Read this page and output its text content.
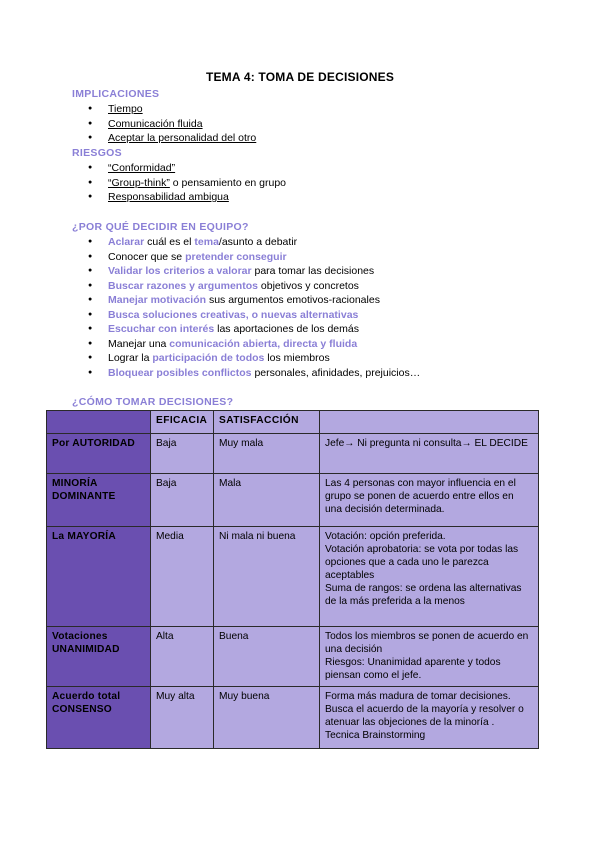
TEMA 4: TOMA DE DECISIONES
IMPLICACIONES
● Tiempo
● Comunicación fluida
● Aceptar la personalidad del otro
RIESGOS
● “Conformidad”
● “Group-think” o pensamiento en grupo
● Responsabilidad ambigua
¿POR QUÉ DECIDIR EN EQUIPO?
● Aclarar cuál es el tema/asunto a debatir
● Conocer que se pretender conseguir
● Validar los criterios a valorar para tomar las decisiones
● Buscar razones y argumentos objetivos y concretos
● Manejar motivación sus argumentos emotivos-racionales
● Busca soluciones creativas, o nuevas alternativas
● Escuchar con interés las aportaciones de los demás
● Manejar una comunicación abierta, directa y fluida
● Lograr la participación de todos los miembros
● Bloquear posibles conflictos personales, afinidades, prejuicios…
¿CÓMO TOMAR DECISIONES?
	EFICACIA	SATISFACCIÓN	

Por AUTORIDAD	Baja	Muy mala	Jefe→ Ni pregunta ni consulta→ EL DECIDE

MINORÍA
DOMINANTE	Baja	Mala	Las 4 personas con mayor influencia en el grupo se ponen de acuerdo entre ellos en una decisión determinada.

La MAYORÍA	Media	Ni mala ni buena	Votación: opción preferida.
Votación aprobatoria: se vota por todas las opciones que a cada uno le parezca aceptables
Suma de rangos: se ordena las alternativas de la más preferida a la menos

Votaciones
UNANIMIDAD	Alta	Buena	Todos los miembros se ponen de acuerdo en una decisión
Riesgos: Unanimidad aparente y todos piensan como el jefe.

Acuerdo total
CONSENSO	Muy alta	Muy buena	Forma más madura de tomar decisiones. Busca el acuerdo de la mayoría y resolver o atenuar las objeciones de la minoría .
Tecnica Brainstorming
